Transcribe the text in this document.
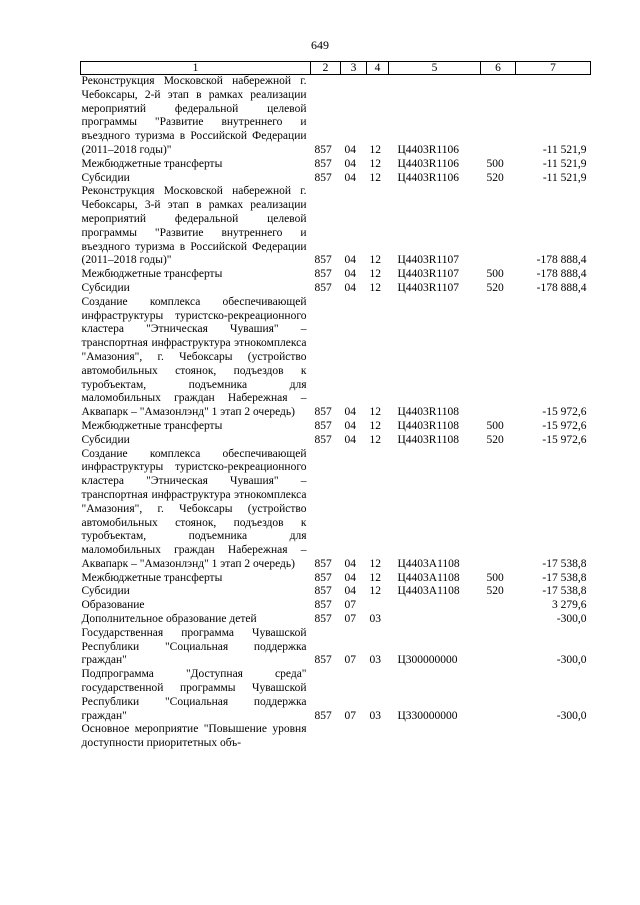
649
1	2	3	4	5	6	7
Реконструкция Московской набережной г. Чебоксары, 2-й этап в рамках реализации мероприятий федеральной целевой программы "Развитие внутреннего и въездного туризма в Российской Федерации (2011–2018 годы)"	857	04	12	Ц4403R1106		-11 521,9
Межбюджетные трансферты	857	04	12	Ц4403R1106	500	-11 521,9
Субсидии	857	04	12	Ц4403R1106	520	-11 521,9
Реконструкция Московской набережной г. Чебоксары, 3-й этап в рамках реализации мероприятий федеральной целевой программы "Развитие внутреннего и въездного туризма в Российской Федерации (2011–2018 годы)"	857	04	12	Ц4403R1107		-178 888,4
Межбюджетные трансферты	857	04	12	Ц4403R1107	500	-178 888,4
Субсидии	857	04	12	Ц4403R1107	520	-178 888,4
Создание комплекса обеспечивающей инфраструктуры туристско-рекреационного кластера "Этническая Чувашия" – транспортная инфраструктура этнокомплекса "Амазония", г. Чебоксары (устройство автомобильных стоянок, подъездов к туробъектам, подъемника для маломобильных граждан Набережная – Аквапарк – "Амазонлэнд" 1 этап 2 очередь)	857	04	12	Ц4403R1108		-15 972,6
Межбюджетные трансферты	857	04	12	Ц4403R1108	500	-15 972,6
Субсидии	857	04	12	Ц4403R1108	520	-15 972,6
Создание комплекса обеспечивающей инфраструктуры туристско-рекреационного кластера "Этническая Чувашия" – транспортная инфраструктура этнокомплекса "Амазония", г. Чебоксары (устройство автомобильных стоянок, подъездов к туробъектам, подъемника для маломобильных граждан Набережная – Аквапарк – "Амазонлэнд" 1 этап 2 очередь)	857	04	12	Ц4403A1108		-17 538,8
Межбюджетные трансферты	857	04	12	Ц4403A1108	500	-17 538,8
Субсидии	857	04	12	Ц4403A1108	520	-17 538,8
Образование	857	07				3 279,6
Дополнительное образование детей	857	07	03			-300,0
Государственная программа Чувашской Республики "Социальная поддержка граждан"	857	07	03	Ц300000000		-300,0
Подпрограмма "Доступная среда" государственной программы Чувашской Республики "Социальная поддержка граждан"	857	07	03	Ц330000000		-300,0
Основное мероприятие "Повышение уровня доступности приоритетных объ-						
